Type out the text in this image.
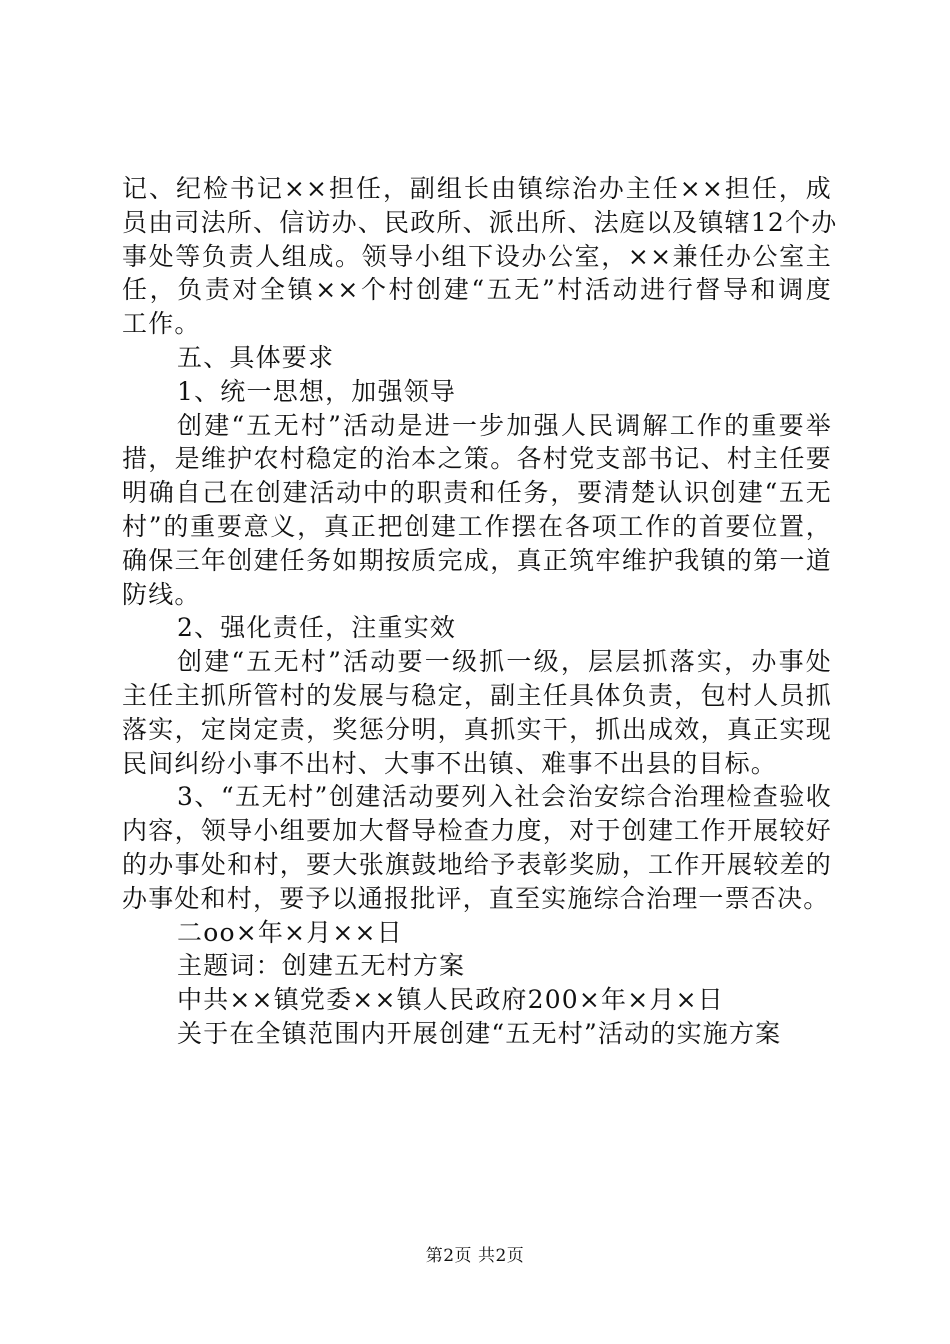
记、纪检书记××担任，副组长由镇综治办主任××担任，成
员由司法所、信访办、民政所、派出所、法庭以及镇辖12个办
事处等负责人组成。领导小组下设办公室，××兼任办公室主
任，负责对全镇××个村创建“五无”村活动进行督导和调度
工作。
五、具体要求
1、统一思想，加强领导
创建“五无村”活动是进一步加强人民调解工作的重要举
措，是维护农村稳定的治本之策。各村党支部书记、村主任要
明确自己在创建活动中的职责和任务，要清楚认识创建“五无
村”的重要意义，真正把创建工作摆在各项工作的首要位置，
确保三年创建任务如期按质完成，真正筑牢维护我镇的第一道
防线。
2、强化责任，注重实效
创建“五无村”活动要一级抓一级，层层抓落实，办事处
主任主抓所管村的发展与稳定，副主任具体负责，包村人员抓
落实，定岗定责，奖惩分明，真抓实干，抓出成效，真正实现
民间纠纷小事不出村、大事不出镇、难事不出县的目标。
3、“五无村”创建活动要列入社会治安综合治理检查验收
内容，领导小组要加大督导检查力度，对于创建工作开展较好
的办事处和村，要大张旗鼓地给予表彰奖励，工作开展较差的
办事处和村，要予以通报批评，直至实施综合治理一票否决。
二oo×年×月××日
主题词：创建五无村方案
中共××镇党委××镇人民政府200×年×月×日
关于在全镇范围内开展创建“五无村”活动的实施方案
第2页 共2页
